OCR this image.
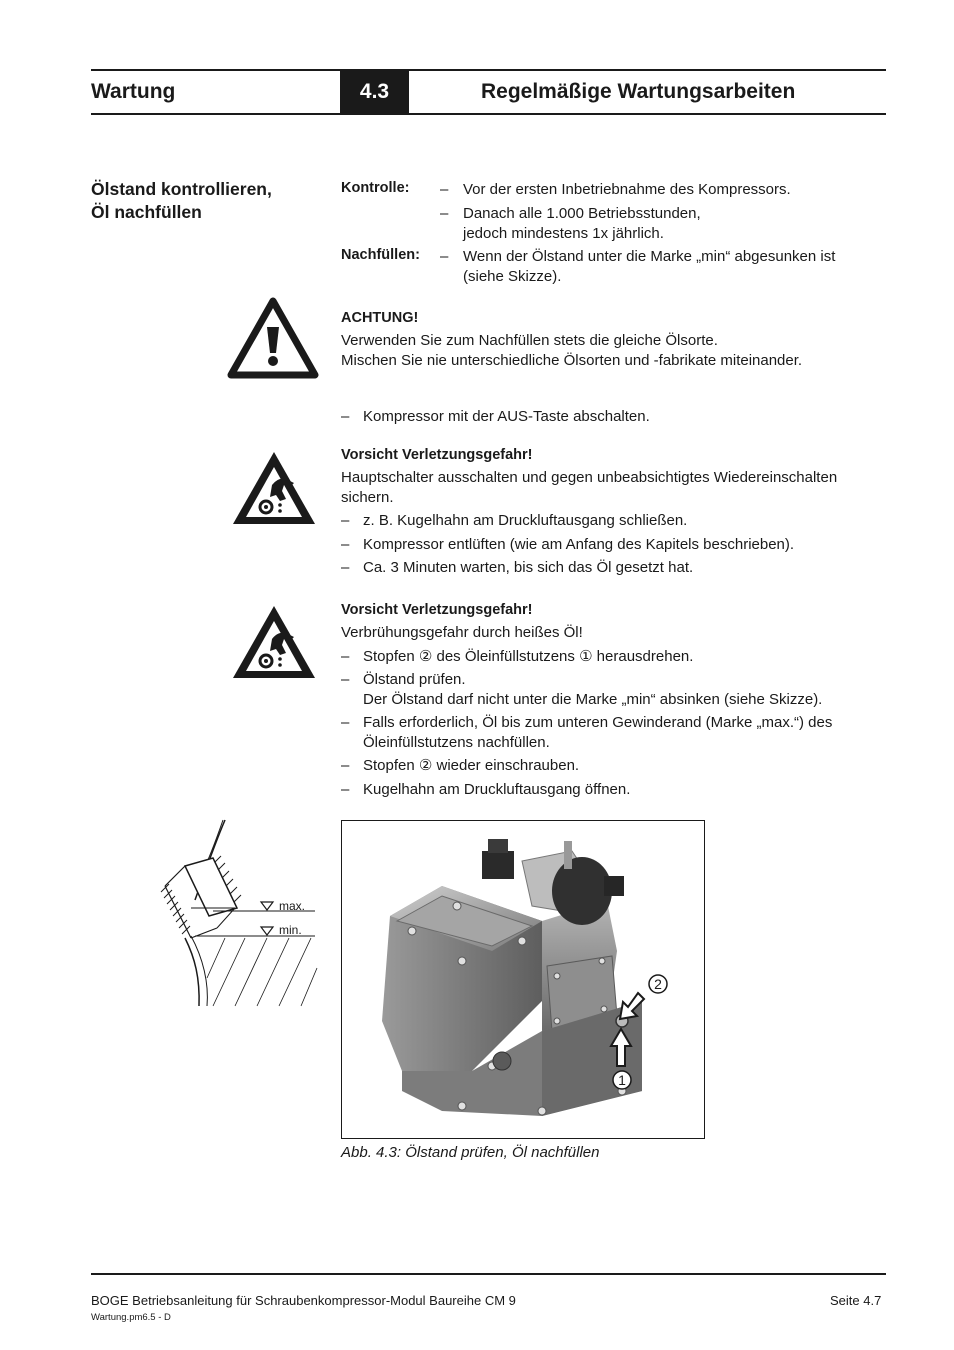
Wartung	4.3	Regelmäßige Wartungsarbeiten
Ölstand kontrollieren,
Öl nachfüllen
Kontrolle: – Vor der ersten Inbetriebnahme des Kompressors.
– Danach alle 1.000 Betriebsstunden,
jedoch mindestens 1x jährlich.
Nachfüllen: – Wenn der Ölstand unter die Marke „min“ abgesunken ist
(siehe Skizze).
ACHTUNG!
Verwenden Sie zum Nachfüllen stets die gleiche Ölsorte.
Mischen Sie nie unterschiedliche Ölsorten und -fabrikate miteinander.
– Kompressor mit der AUS-Taste abschalten.
Vorsicht Verletzungsgefahr!
Hauptschalter ausschalten und gegen unbeabsichtigtes Wiedereinschalten
sichern.
– z. B. Kugelhahn am Druckluftausgang schließen.
– Kompressor entlüften (wie am Anfang des Kapitels beschrieben).
– Ca. 3 Minuten warten, bis sich das Öl gesetzt hat.
Vorsicht Verletzungsgefahr!
Verbrühungsgefahr durch heißes Öl!
– Stopfen ② des Öleinfüllstutzens ① herausdrehen.
– Ölstand prüfen.
Der Ölstand darf nicht unter die Marke „min“ absinken (siehe Skizze).
– Falls erforderlich, Öl bis zum unteren Gewinderand (Marke „max.“) des
Öleinfüllstutzens nachfüllen.
– Stopfen ② wieder einschrauben.
– Kugelhahn am Druckluftausgang öffnen.
max.
min.
2
1
Abb. 4.3: Ölstand prüfen, Öl nachfüllen
BOGE Betriebsanleitung für Schraubenkompressor-Modul Baureihe CM 9	Seite 4.7
Wartung.pm6.5 - D
